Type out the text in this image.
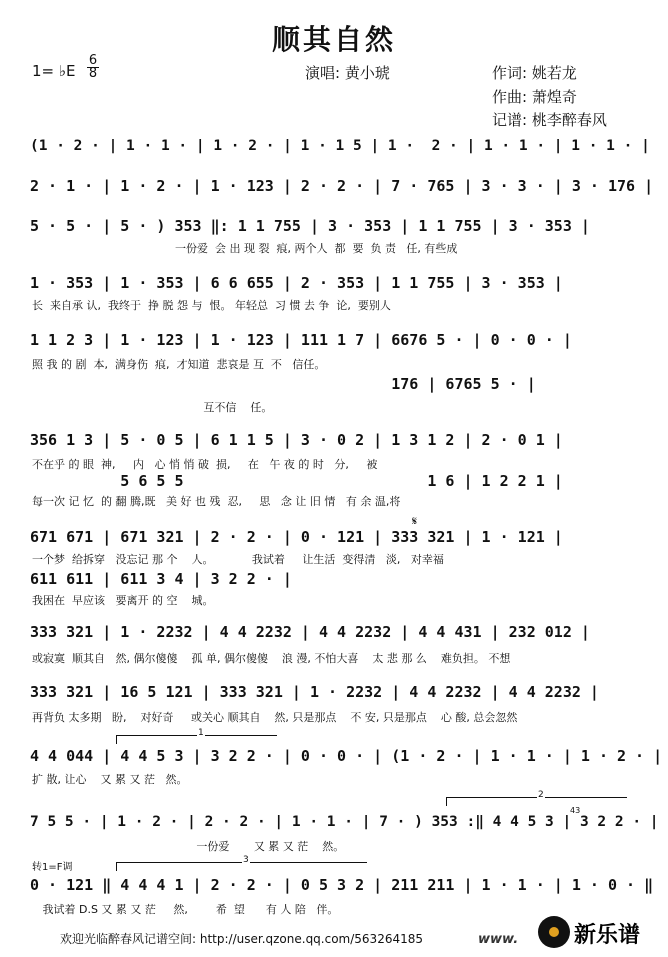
顺其自然
1= ♭E
6
8	演唱: 黄小琥	作词: 姚若龙
作曲: 萧煌奇
记谱: 桃李醉春风
(1 · 2 · | 1 · 1 · | 1 · 2 · | 1 · 1 5 | 1 ·  2 · | 1 · 1 · | 1 · 1 · |
2 · 1 · | 1 · 2 · | 1 · 123 | 2 · 2 · | 7 · 765 | 3 · 3 · | 3 · 176 |
5 · 5 · | 5 · ) 353 ‖: 1 1 755 | 3 · 353 | 1 1 755 | 3 · 353 |
一份爱  会 出 现 裂  痕, 两个人  都  要  负 责   任, 有些成
1 · 353 | 1 · 353 | 6 6 655 | 2 · 353 | 1 1 755 | 3 · 353 |
长  来自承 认,  我终于  挣 脱 怨 与  恨。 年轻总  习 惯 去 争  论,  要别人
1 1 2 3 | 1 · 123 | 1 · 123 | 111 1 7 | 6676 5 · | 0 · 0 · |
照 我 的 剧  本,  满身伤  痕,  才知道  悲哀是 互  不   信任。
176 | 6765 5 · |
互不信    任。
356 1 3 | 5 · 0 5 | 6 1 1 5 | 3 · 0 2 | 1 3 1 2 | 2 · 0 1 |
不在乎 的 眼  神,     内   心 悄 悄 破  损,     在   午 夜 的 时   分,     被
5 6 5 5                           1 6 | 1 2 2 1 |
每一次 记 忆  的 翻 腾,既   美 好 也 残  忍,     思   念 让 旧 情   有 余 温,将
𝄋
671 671 | 671 321 | 2 · 2 · | 0 · 121 | 333 321 | 1 · 121 |
一个梦  给拆穿   没忘记 那 个    人。           我试着     让生活  变得清   淡,   对幸福
611 611 | 611 3 4 | 3 2 2 · |
我困在  早应该   要离开 的 空    城。
333 321 | 1 · 2232 | 4 4 2232 | 4 4 2232 | 4 4 431 | 232 012 |
或寂寞  顺其自   然, 偶尔傻傻    孤 单, 偶尔傻傻    浪 漫, 不怕大喜    太 悲 那 么    难负担。 不想
333 321 | 16 5 121 | 333 321 | 1 · 2232 | 4 4 2232 | 4 4 2232 |
再背负 太多期   盼,    对好奇     或关心 顺其自    然, 只是那点    不 安, 只是那点    心 酸, 总会忽然
1
4 4 044 | 4 4 5 3 | 3 2 2 · | 0 · 0 · | (1 · 2 · | 1 · 1 · | 1 · 2 · |
扩 散, 让心    又 累 又 茫   然。
2
7 5 5 · | 1 · 2 · | 2 · 2 · | 1 · 1 · | 7 · ) 353 :‖ 4 4 5 3 | 3 2 2 · |
一份爱       又 累 又 茫    然。
转1=F调
3
0 · 121 ‖ 4 4 4 1 | 2 · 2 · | 0 5 3 2 | 211 211 | 1 · 1 · | 1 · 0 · ‖
我试着 D.S 又 累 又 茫     然,        希  望      有 人 陪   伴。
43
欢迎光临醉春风记谱空间: http://user.qzone.qq.com/563264185	www.	新乐谱
